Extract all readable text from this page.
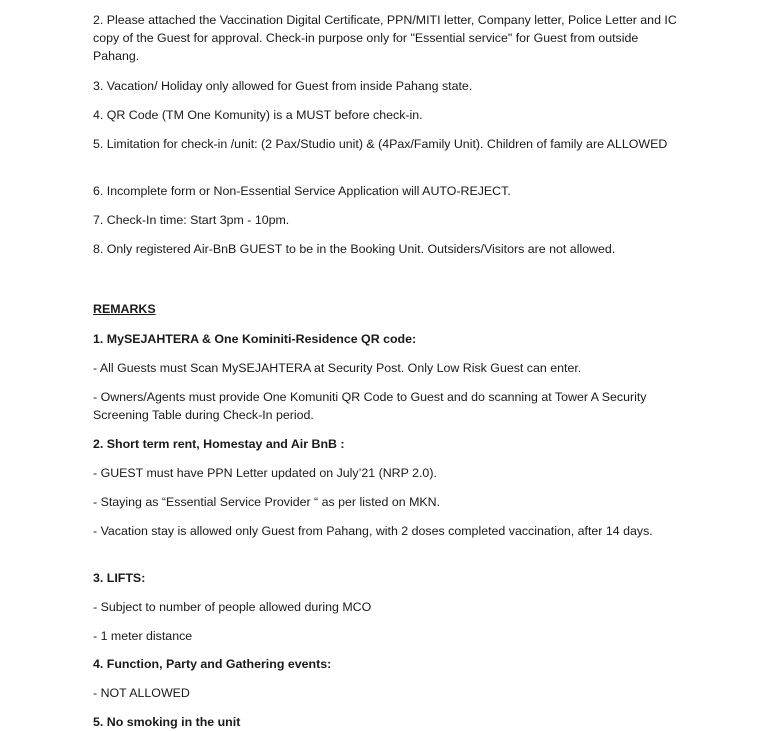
2. Please attached the Vaccination Digital Certificate, PPN/MITI letter, Company letter, Police Letter and IC copy of the Guest for approval. Check-in purpose only for "Essential service" for Guest from outside Pahang.

3. Vacation/ Holiday only allowed for Guest from inside Pahang state.

4. QR Code (TM One Komunity) is a MUST before check-in.

5. Limitation for check-in /unit: (2 Pax/Studio unit) & (4Pax/Family Unit). Children of family are ALLOWED

6. Incomplete form or Non-Essential Service Application will AUTO-REJECT.

7. Check-In time: Start 3pm - 10pm.

8. Only registered Air-BnB GUEST to be in the Booking Unit. Outsiders/Visitors are not allowed.

REMARKS

1. MySEJAHTERA & One Kominiti-Residence QR code:

- All Guests must Scan MySEJAHTERA at Security Post. Only Low Risk Guest can enter.

- Owners/Agents must provide One Komuniti QR Code to Guest and do scanning at Tower A Security Screening Table during Check-In period.

2. Short term rent, Homestay and Air BnB :

- GUEST must have PPN Letter updated on July’21 (NRP 2.0).

- Staying as “Essential Service Provider “ as per listed on MKN.

- Vacation stay is allowed only Guest from Pahang, with 2 doses completed vaccination, after 14 days.

3. LIFTS:

- Subject to number of people allowed during MCO

- 1 meter distance

4. Function, Party and Gathering events:

- NOT ALLOWED

5. No smoking in the unit
